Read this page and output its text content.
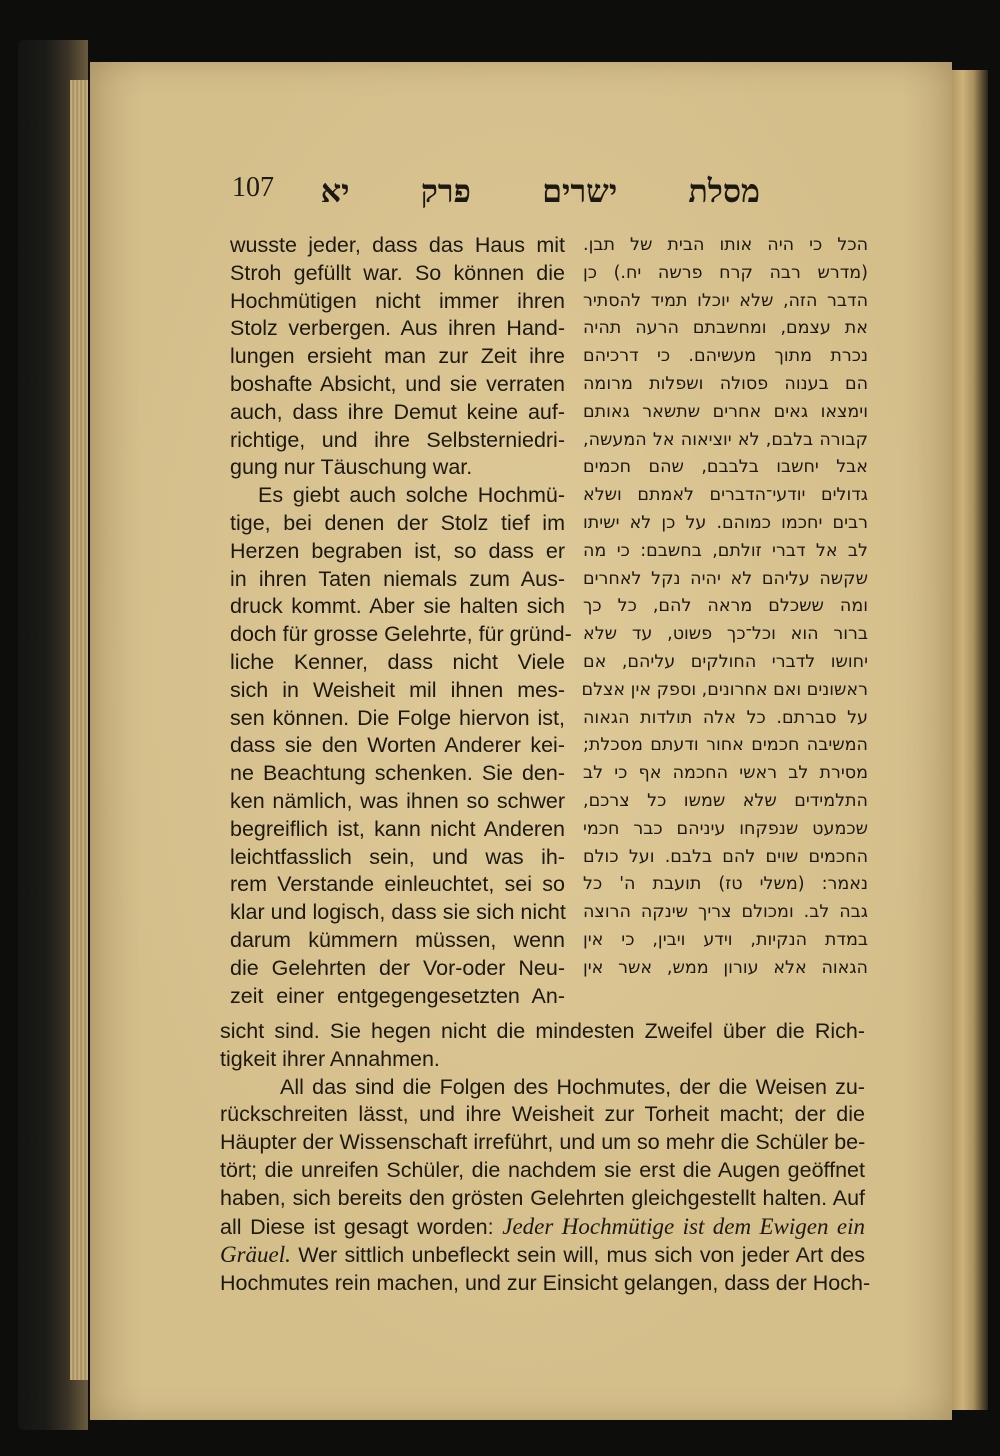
107 מסלת ישרים פרק יא
wusste jeder, dass das Haus mit
Stroh gefüllt war. So können die
Hochmütigen nicht immer ihren
Stolz verbergen. Aus ihren Hand-
lungen ersieht man zur Zeit ihre
boshafte Absicht, und sie verraten
auch, dass ihre Demut keine auf-
richtige, und ihre Selbsterniedri-
gung nur Täuschung war.
Es giebt auch solche Hochmü-
tige, bei denen der Stolz tief im
Herzen begraben ist, so dass er
in ihren Taten niemals zum Aus-
druck kommt. Aber sie halten sich
doch für grosse Gelehrte, für gründ-
liche Kenner, dass nicht Viele
sich in Weisheit mil ihnen mes-
sen können. Die Folge hiervon ist,
dass sie den Worten Anderer kei-
ne Beachtung schenken. Sie den-
ken nämlich, was ihnen so schwer
begreiflich ist, kann nicht Anderen
leichtfasslich sein, und was ih-
rem Verstande einleuchtet, sei so
klar und logisch, dass sie sich nicht
darum kümmern müssen, wenn
die Gelehrten der Vor-oder Neu-
zeit einer entgegengesetzten An-
הכל כי היה אותו הבית של תבן.
(מדרש רבה קרח פרשה יח.) כן
הדבר הזה, שלא יוכלו תמיד להסתיר
את עצמם, ומחשבתם הרעה תהיה
נכרת מתוך מעשיהם. כי דרכיהם
הם בענוה פסולה ושפלות מרומה
וימצאו גאים אחרים שתשאר גאותם
קבורה בלבם, לא יוציאוה אל המעשה,
אבל יחשבו בלבבם, שהם חכמים
גדולים יודעי־הדברים לאמתם ושלא
רבים יחכמו כמוהם. על כן לא ישיתו
לב אל דברי זולתם, בחשבם: כי מה
שקשה עליהם לא יהיה נקל לאחרים
ומה ששכלם מראה להם, כל כך
ברור הוא וכל־כך פשוט, עד שלא
יחושו לדברי החולקים עליהם, אם
ראשונים ואם אחרונים, וספק אין אצלם
על סברתם. כל אלה תולדות הגאוה
המשיבה חכמים אחור ודעתם מסכלת;
מסירת לב ראשי החכמה אף כי לב
התלמידים שלא שמשו כל צרכם,
שכמעט שנפקחו עיניהם כבר חכמי
החכמים שוים להם בלבם. ועל כולם
נאמר: (משלי טז) תועבת ה' כל
גבה לב. ומכולם צריך שינקה הרוצה
במדת הנקיות, וידע ויבין, כי אין
הגאוה אלא עורון ממש, אשר אין
sicht sind. Sie hegen nicht die mindesten Zweifel über die Rich-
tigkeit ihrer Annahmen.
All das sind die Folgen des Hochmutes, der die Weisen zu-
rückschreiten lässt, und ihre Weisheit zur Torheit macht; der die
Häupter der Wissenschaft irreführt, und um so mehr die Schüler be-
tört; die unreifen Schüler, die nachdem sie erst die Augen geöffnet
haben, sich bereits den grösten Gelehrten gleichgestellt halten. Auf
all Diese ist gesagt worden: Jeder Hochmütige ist dem Ewigen ein
Gräuel. Wer sittlich unbefleckt sein will, mus sich von jeder Art des
Hochmutes rein machen, und zur Einsicht gelangen, dass der Hoch-
